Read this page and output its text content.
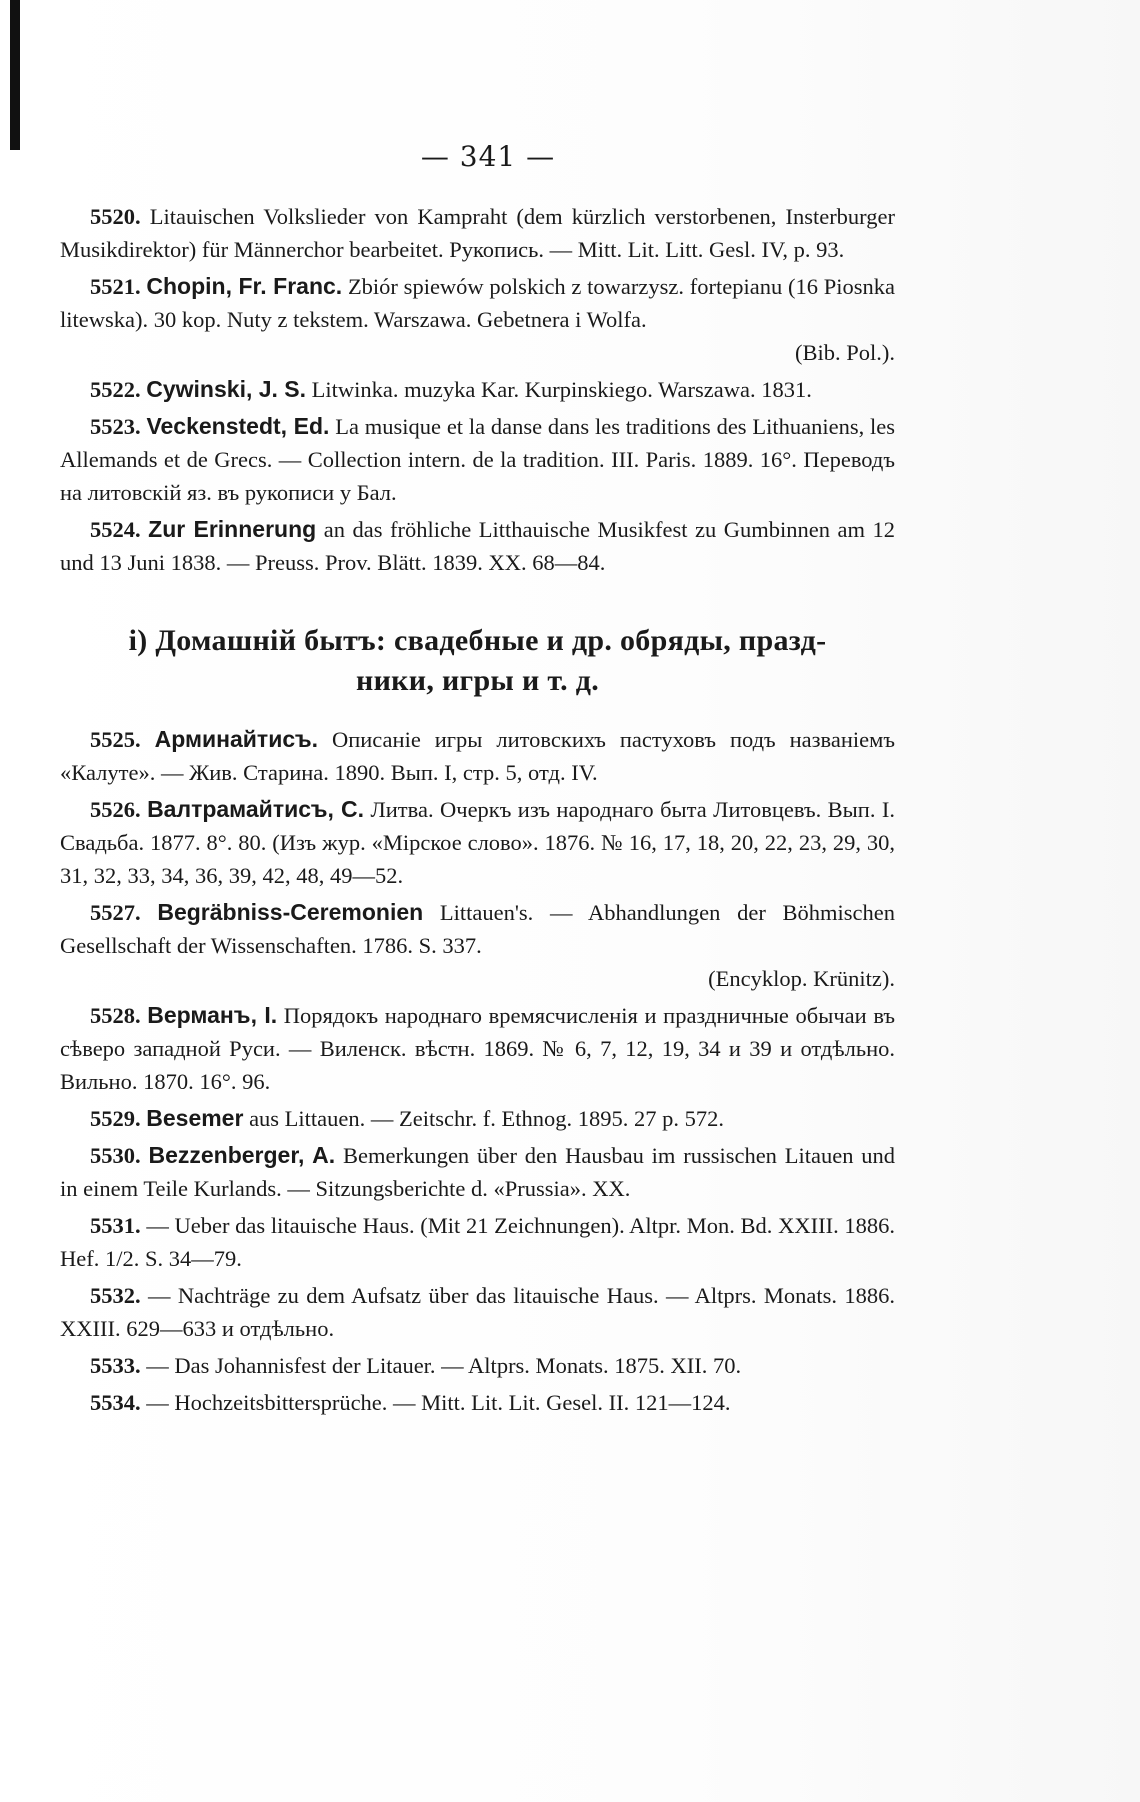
— 341 —

5520. Litauischen Volkslieder von Kamprаht (dem kürzlich verstorbenen, Insterburger Musikdirektor) für Männerchor bearbeitet. Рукопись. — Mitt. Lit. Litt. Gesl. IV, p. 93.

5521. Chopin, Fr. Franc. Zbiór spiewów polskich z towarzysz. fortepianu (16 Piosnka litewska). 30 kop. Nuty z tekstem. Warszawa. Gebetnera i Wolfa.
(Bib. Pol.).

5522. Cywinski, J. S. Litwinka. muzyka Kar. Kurpinskiego. Warszawa. 1831.

5523. Veckenstedt, Ed. La musique et la danse dans les traditions des Lithuaniens, les Allemands et de Grecs. — Collection intern. de la tradition. III. Paris. 1889. 16°. Переводъ на литовскій яз. въ рукописи у Бал.

5524. Zur Erinnerung an das fröhliche Litthauische Musikfest zu Gumbinnen am 12 und 13 Juni 1838. — Preuss. Prov. Blätt. 1839. XX. 68—84.

i) Домашній бытъ: свадебные и др. обряды, празд-
ники, игры и т. д.

5525. Арминайтисъ. Описаніе игры литовскихъ пастуховъ подъ названіемъ «Калуте». — Жив. Старина. 1890. Вып. I, стр. 5, отд. IV.

5526. Валтрамайтисъ, С. Литва. Очеркъ изъ народнаго быта Литовцевъ. Вып. I. Свадьба. 1877. 8°. 80. (Изъ жур. «Мірское слово». 1876. № 16, 17, 18, 20, 22, 23, 29, 30, 31, 32, 33, 34, 36, 39, 42, 48, 49—52.

5527. Begräbniss-Ceremonien Littauen's. — Abhandlungen der Böhmischen Gesellschaft der Wissenschaften. 1786. S. 337.
(Encyklop. Krünitz).

5528. Верманъ, I. Порядокъ народнаго времясчисленія и праздничные обычаи въ сѣверо западной Руси. — Виленск. вѣстн. 1869. № 6, 7, 12, 19, 34 и 39 и отдѣльно. Вильно. 1870. 16°. 96.

5529. Besemer aus Littauen. — Zeitschr. f. Ethnog. 1895. 27 p. 572.

5530. Bezzenberger, A. Bemerkungen über den Hausbau im russischen Litauen und in einem Teile Kurlands. — Sitzungsberichte d. «Prussia». XX.

5531. — Ueber das litauische Haus. (Mit 21 Zeichnungen). Altpr. Mon. Bd. XXIII. 1886. Hef. 1/2. S. 34—79.

5532. — Nachträge zu dem Aufsatz über das litauische Haus. — Altprs. Monats. 1886. XXIII. 629—633 и отдѣльно.

5533. — Das Johannisfest der Litauer. — Altprs. Monats. 1875. XII. 70.

5534. — Hochzeitsbittersprüche. — Mitt. Lit. Lit. Gesel. II. 121—124.
